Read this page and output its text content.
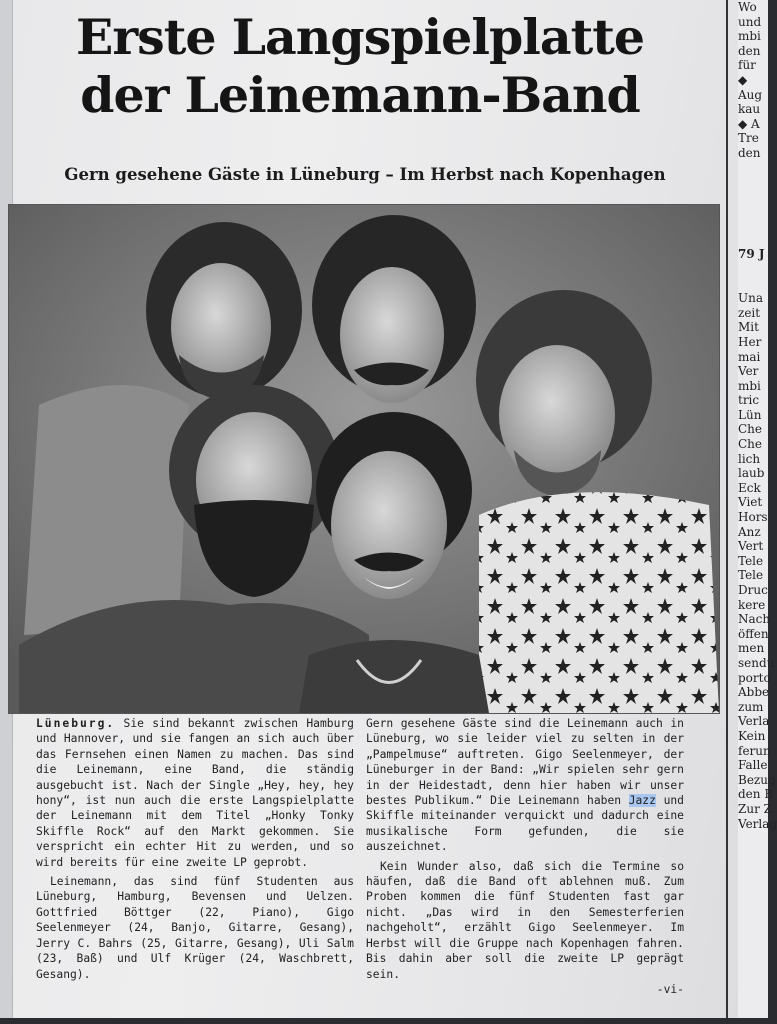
Erste Langspielplatte
der Leinemann-Band

Gern gesehene Gäste in Lüneburg – Im Herbst nach Kopenhagen

Lüneburg. Sie sind bekannt zwischen Hamburg und Hannover, und sie fangen an sich auch über das Fernsehen einen Namen zu machen. Das sind die Leinemann, eine Band, die ständig ausgebucht ist. Nach der Single „Hey, hey, hey hony“, ist nun auch die erste Langspielplatte der Leinemann mit dem Titel „Honky Tonky Skiffle Rock“ auf den Markt gekommen. Sie verspricht ein echter Hit zu werden, und so wird bereits für eine zweite LP geprobt.

Leinemann, das sind fünf Studenten aus Lüneburg, Hamburg, Bevensen und Uelzen. Gottfried Böttger (22, Piano), Gigo Seelenmeyer (24, Banjo, Gitarre, Gesang), Jerry C. Bahrs (25, Gitarre, Gesang), Uli Salm (23, Baß) und Ulf Krüger (24, Waschbrett, Gesang).

Gern gesehene Gäste sind die Leinemann auch in Lüneburg, wo sie leider viel zu selten in der „Pampelmuse“ auftreten. Gigo Seelenmeyer, der Lüneburger in der Band: „Wir spielen sehr gern in der Heidestadt, denn hier haben wir unser bestes Publikum.“ Die Leinemann haben Jazz und Skiffle miteinander verquickt und dadurch eine musikalische Form gefunden, die sie auszeichnet.

Kein Wunder also, daß sich die Termine so häufen, daß die Band oft ablehnen muß. Zum Proben kommen die fünf Studenten fast gar nicht. „Das wird in den Semesterferien nachgeholt“, erzählt Gigo Seelenmeyer. Im Herbst will die Gruppe nach Kopenhagen fahren. Bis dahin aber soll die zweite LP geprägt sein.

-vi-
Wo
und
mbi
den
für
◆
Aug
kau
◆ A
Tre
den
79 J
Una
zeit
Mit
Her
mai
Ver
mbi
tric
Lün
Che
Che
lich
laub
Eck
Viet
Hors
Anz
Vert
Tele
Tele
Druc
kere
Nach
öffen
men
sendu
porto
Abbe
zum
Verla
Kein
ferun
Falle
Bezug
den B
Zur Z
Verlag
